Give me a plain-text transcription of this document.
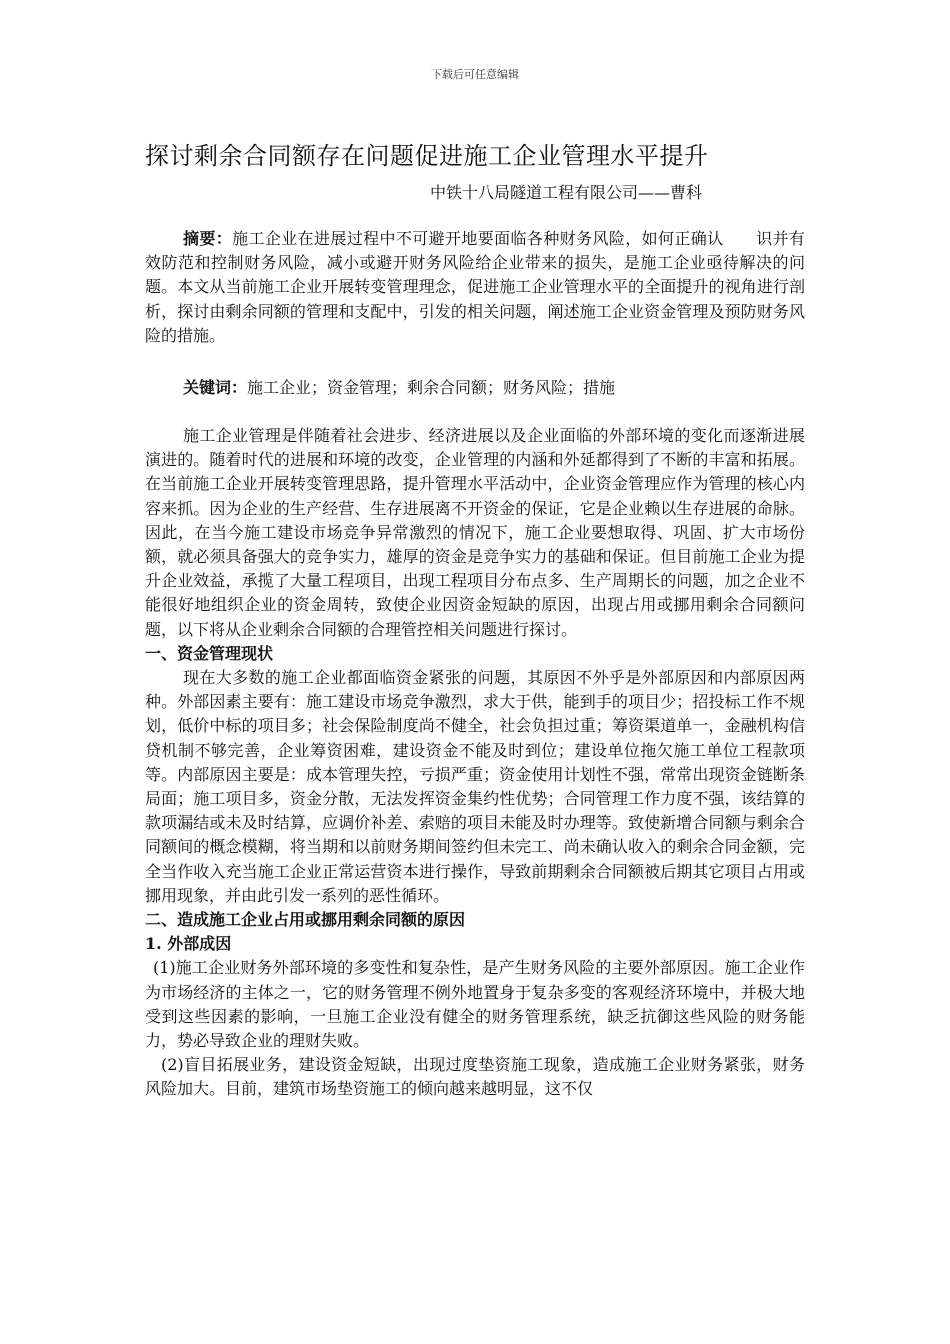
下载后可任意编辑
探讨剩余合同额存在问题促进施工企业管理水平提升
中铁十八局隧道工程有限公司——曹科

摘要：施工企业在进展过程中不可避开地要面临各种财务风险，如何正确认　　识并有效防范和控制财务风险，减小或避开财务风险给企业带来的损失，是施工企业亟待解决的问题。本文从当前施工企业开展转变管理理念，促进施工企业管理水平的全面提升的视角进行剖析，探讨由剩余同额的管理和支配中，引发的相关问题，阐述施工企业资金管理及预防财务风险的措施。

关键词：施工企业；资金管理；剩余合同额；财务风险；措施

施工企业管理是伴随着社会进步、经济进展以及企业面临的外部环境的变化而逐渐进展演进的。随着时代的进展和环境的改变，企业管理的内涵和外延都得到了不断的丰富和拓展。在当前施工企业开展转变管理思路，提升管理水平活动中，企业资金管理应作为管理的核心内容来抓。因为企业的生产经营、生存进展离不开资金的保证，它是企业赖以生存进展的命脉。因此，在当今施工建设市场竞争异常激烈的情况下，施工企业要想取得、巩固、扩大市场份额，就必须具备强大的竞争实力，雄厚的资金是竞争实力的基础和保证。但目前施工企业为提升企业效益，承揽了大量工程项目，出现工程项目分布点多、生产周期长的问题，加之企业不能很好地组织企业的资金周转，致使企业因资金短缺的原因，出现占用或挪用剩余合同额问题，以下将从企业剩余合同额的合理管控相关问题进行探讨。

一、资金管理现状

现在大多数的施工企业都面临资金紧张的问题，其原因不外乎是外部原因和内部原因两种。外部因素主要有：施工建设市场竞争激烈，求大于供，能到手的项目少；招投标工作不规划，低价中标的项目多；社会保险制度尚不健全，社会负担过重；筹资渠道单一，金融机构信贷机制不够完善，企业筹资困难，建设资金不能及时到位；建设单位拖欠施工单位工程款项等。内部原因主要是：成本管理失控，亏损严重；资金使用计划性不强，常常出现资金链断条局面；施工项目多，资金分散，无法发挥资金集约性优势；合同管理工作力度不强，该结算的款项漏结或未及时结算，应调价补差、索赔的项目未能及时办理等。致使新增合同额与剩余合同额间的概念模糊，将当期和以前财务期间签约但未完工、尚未确认收入的剩余合同金额，完全当作收入充当施工企业正常运营资本进行操作，导致前期剩余合同额被后期其它项目占用或挪用现象，并由此引发一系列的恶性循环。

二、造成施工企业占用或挪用剩余同额的原因

1. 外部成因

(1)施工企业财务外部环境的多变性和复杂性，是产生财务风险的主要外部原因。施工企业作为市场经济的主体之一，它的财务管理不例外地置身于复杂多变的客观经济环境中，并极大地受到这些因素的影响，一旦施工企业没有健全的财务管理系统，缺乏抗御这些风险的财务能力，势必导致企业的理财失败。

(2)盲目拓展业务，建设资金短缺，出现过度垫资施工现象，造成施工企业财务紧张，财务风险加大。目前，建筑市场垫资施工的倾向越来越明显，这不仅
